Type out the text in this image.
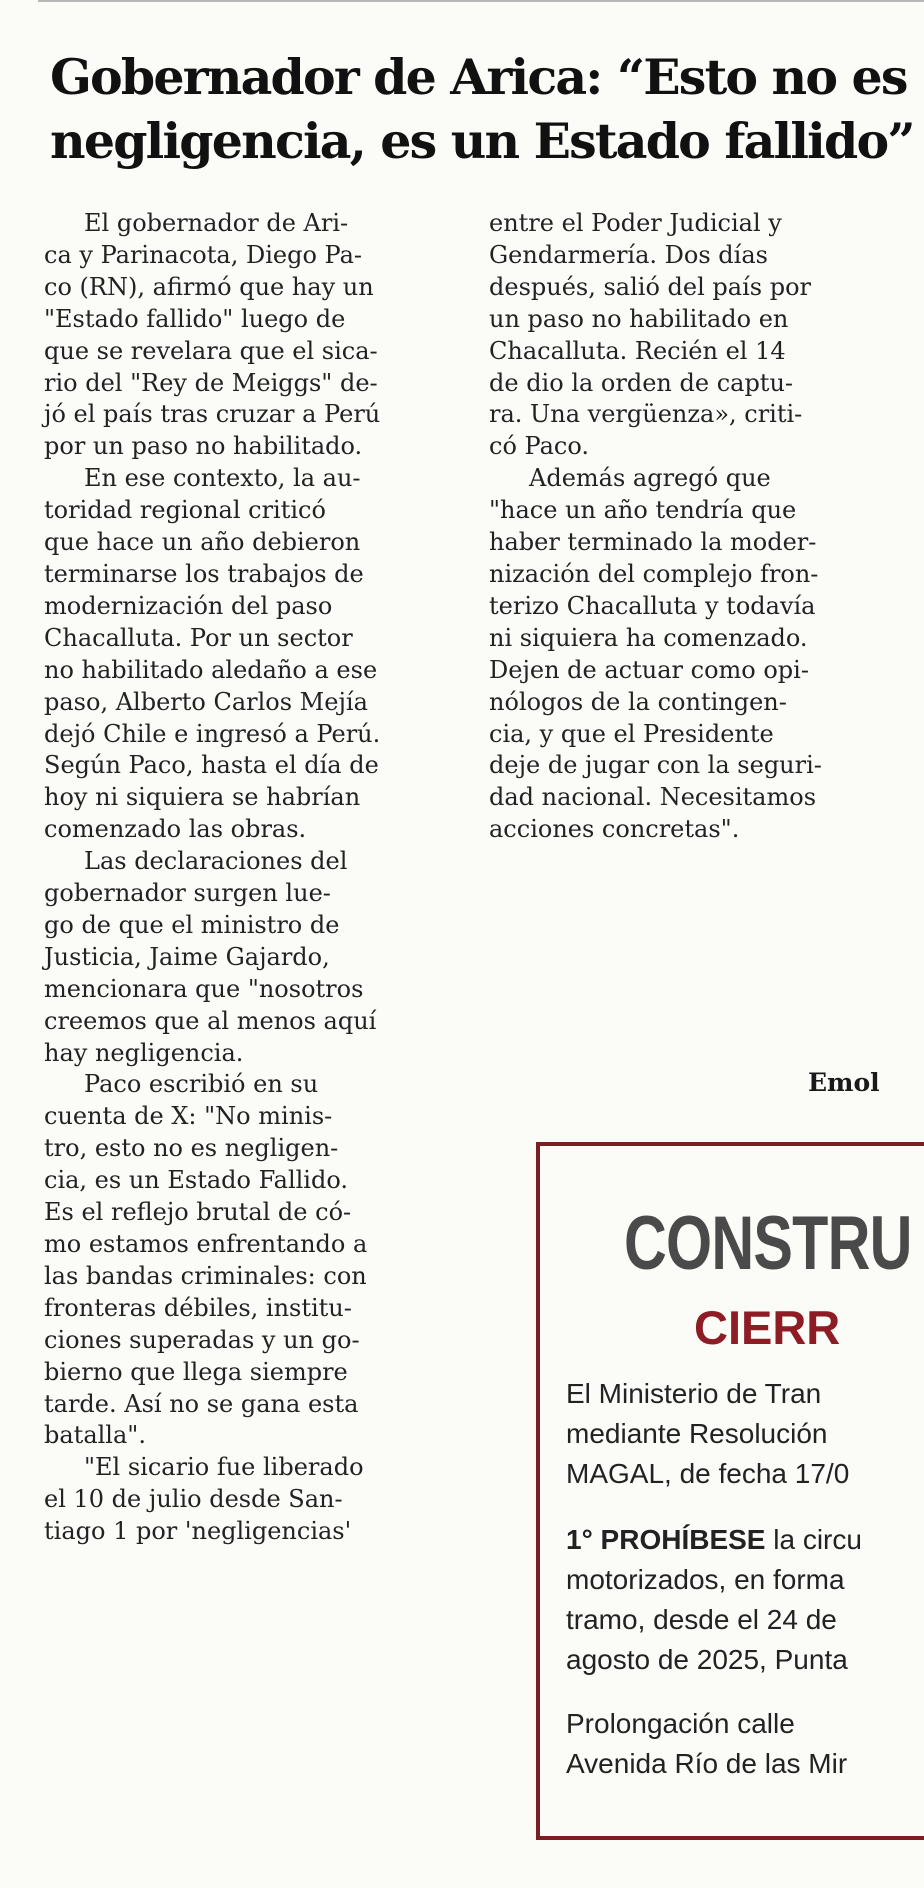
Gobernador de Arica: “Esto no es
negligencia, es un Estado fallido”

El gobernador de Ari-

ca y Parinacota, Diego Pa-

co (RN), afirmó que hay un

"Estado fallido" luego de

que se revelara que el sica-

rio del "Rey de Meiggs" de-

jó el país tras cruzar a Perú

por un paso no habilitado.

En ese contexto, la au-

toridad regional criticó

que hace un año debieron

terminarse los trabajos de

modernización del paso

Chacalluta. Por un sector

no habilitado aledaño a ese

paso, Alberto Carlos Mejía

dejó Chile e ingresó a Perú.

Según Paco, hasta el día de

hoy ni siquiera se habrían

comenzado las obras.

Las declaraciones del

gobernador surgen lue-

go de que el ministro de

Justicia, Jaime Gajardo,

mencionara que "nosotros

creemos que al menos aquí

hay negligencia.

Paco escribió en su

cuenta de X: "No minis-

tro, esto no es negligen-

cia, es un Estado Fallido.

Es el reflejo brutal de có-

mo estamos enfrentando a

las bandas criminales: con

fronteras débiles, institu-

ciones superadas y un go-

bierno que llega siempre

tarde. Así no se gana esta

batalla".

"El sicario fue liberado

el 10 de julio desde San-

tiago 1 por 'negligencias'

entre el Poder Judicial y

Gendarmería. Dos días

después, salió del país por

un paso no habilitado en

Chacalluta. Recién el 14

de dio la orden de captu-

ra. Una vergüenza», criti-

có Paco.

Además agregó que

"hace un año tendría que

haber terminado la moder-

nización del complejo fron-

terizo Chacalluta y todavía

ni siquiera ha comenzado.

Dejen de actuar como opi-

nólogos de la contingen-

cia, y que el Presidente

deje de jugar con la seguri-

dad nacional. Necesitamos

acciones concretas".

Emol
CONSTRU
CIERR
El Ministerio de Tran
mediante Resolución
MAGAL, de fecha 17/0
1° PROHÍBESE la circu
motorizados, en forma
tramo, desde el 24 de
agosto de 2025, Punta
Prolongación calle
Avenida Río de las Mir
